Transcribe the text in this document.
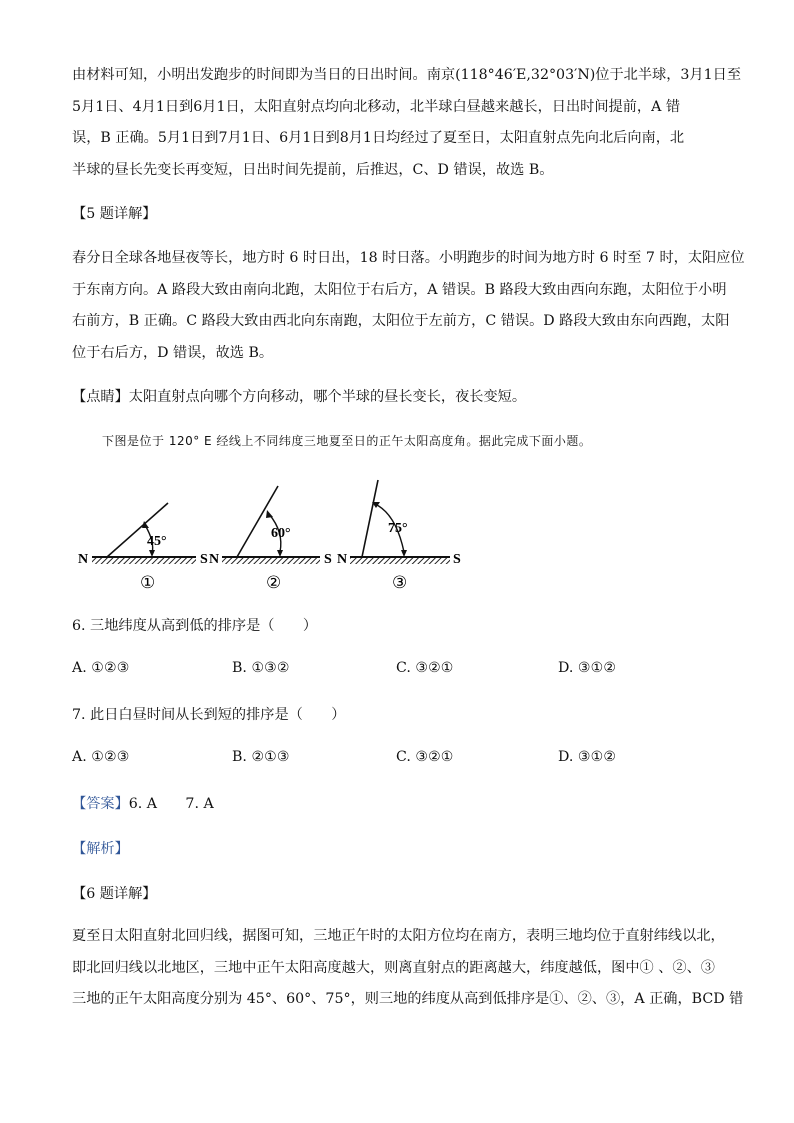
由材料可知，小明出发跑步的时间即为当日的日出时间。南京(118°46′E,32°03′N)位于北半球，3月1日至
5月1日、4月1日到6月1日，太阳直射点均向北移动，北半球白昼越来越长，日出时间提前，A 错
误，B 正确。5月1日到7月1日、6月1日到8月1日均经过了夏至日，太阳直射点先向北后向南，北
半球的昼长先变长再变短，日出时间先提前，后推迟，C、D 错误，故选 B。
【5 题详解】
春分日全球各地昼夜等长，地方时 6 时日出，18 时日落。小明跑步的时间为地方时 6 时至 7 时，太阳应位
于东南方向。A 路段大致由南向北跑，太阳位于右后方，A 错误。B 路段大致由西向东跑，太阳位于小明
右前方，B 正确。C 路段大致由西北向东南跑，太阳位于左前方，C 错误。D 路段大致由东向西跑，太阳
位于右后方，D 错误，故选 B。
【点睛】太阳直射点向哪个方向移动，哪个半球的昼长变长，夜长变短。
下图是位于 120° E 经线上不同纬度三地夏至日的正午太阳高度角。据此完成下面小题。
45°
N	S
①
60°
N	S
②
75°
N	S
③
6. 三地纬度从高到低的排序是（　　）
A. ①②③	B. ①③②	C. ③②①	D. ③①②
7. 此日白昼时间从长到短的排序是（　　）
A. ①②③	B. ②①③	C. ③②①	D. ③①②
【答案】6. A　　7. A
【解析】
【6 题详解】
夏至日太阳直射北回归线，据图可知，三地正午时的太阳方位均在南方，表明三地均位于直射纬线以北，
即北回归线以北地区，三地中正午太阳高度越大，则离直射点的距离越大，纬度越低，图中① 、②、③
三地的正午太阳高度分别为 45°、60°、75°，则三地的纬度从高到低排序是①、②、③，A 正确，BCD 错
